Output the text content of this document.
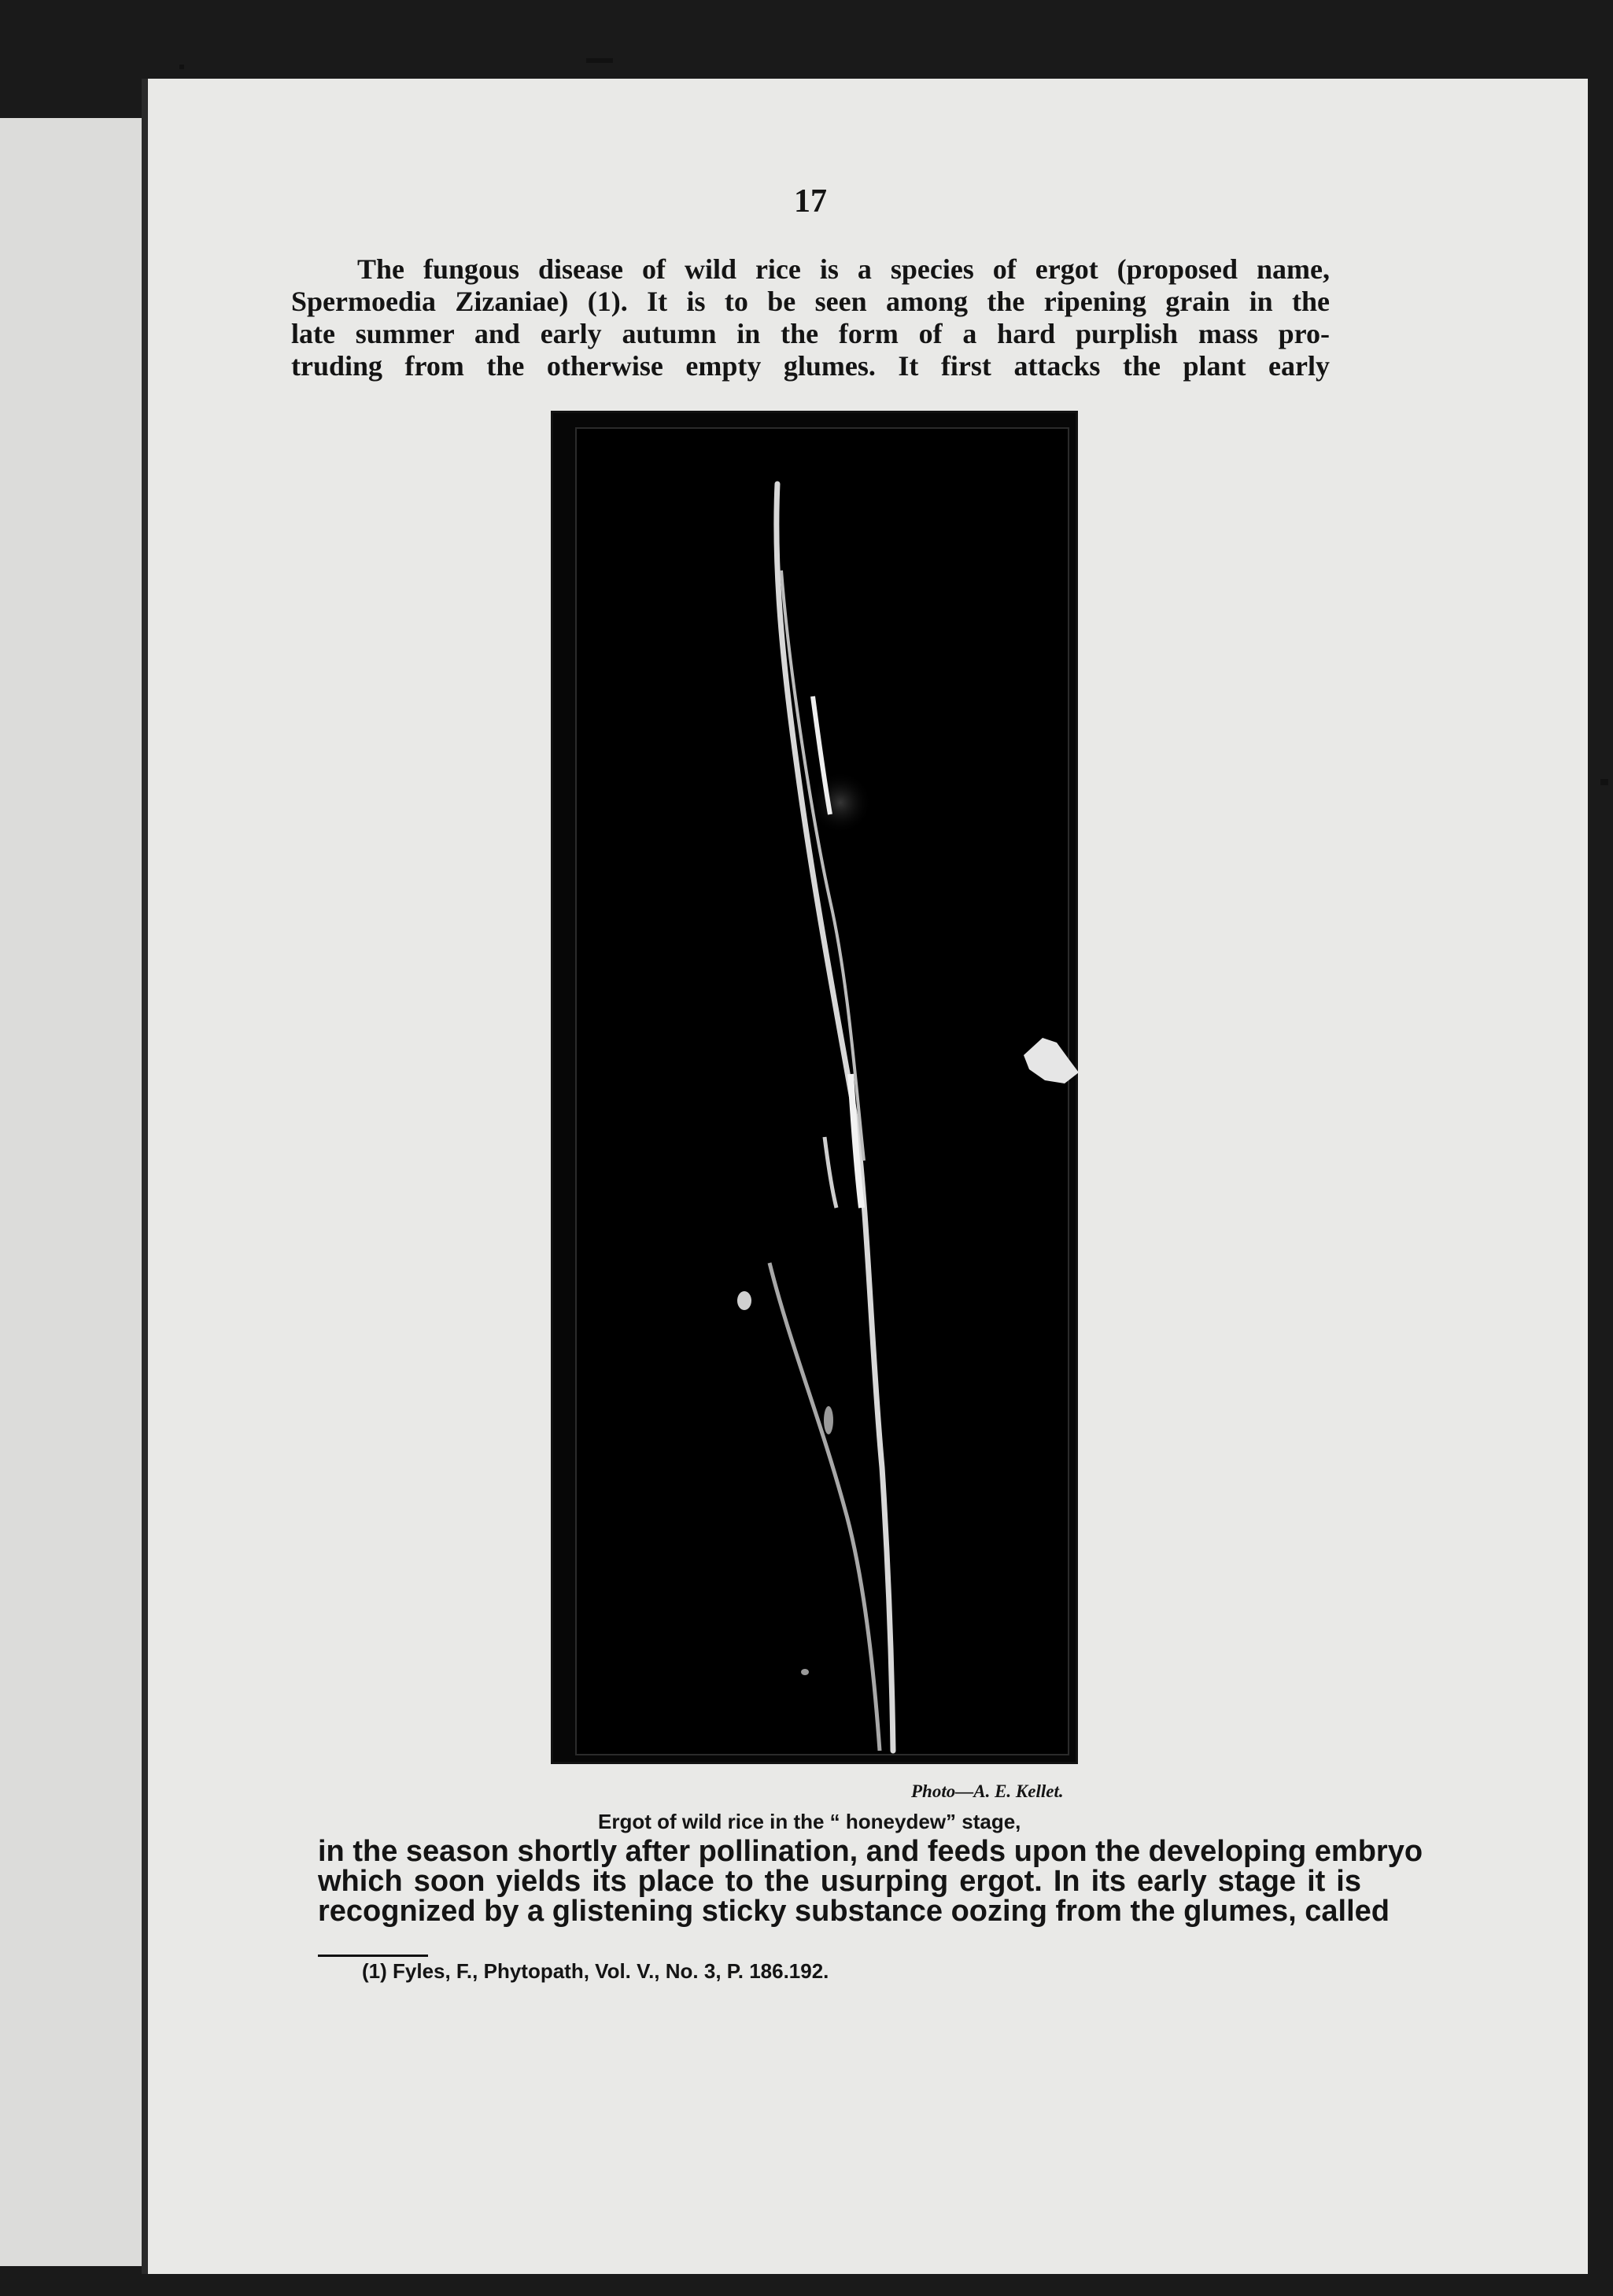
17
The fungous disease of wild rice is a species of ergot (proposed name,
Spermoedia Zizaniae) (1). It is to be seen among the ripening grain in the
late summer and early autumn in the form of a hard purplish mass pro-
truding from the otherwise empty glumes. It first attacks the plant early
Photo—A. E. Kellet.
Ergot of wild rice in the “ honeydew” stage,
in the season shortly after pollination, and feeds upon the developing embryo
which soon yields its place to the usurping ergot. In its early stage it is
recognized by a glistening sticky substance oozing from the glumes, called
(1) Fyles, F., Phytopath, Vol. V., No. 3, P. 186.192.
